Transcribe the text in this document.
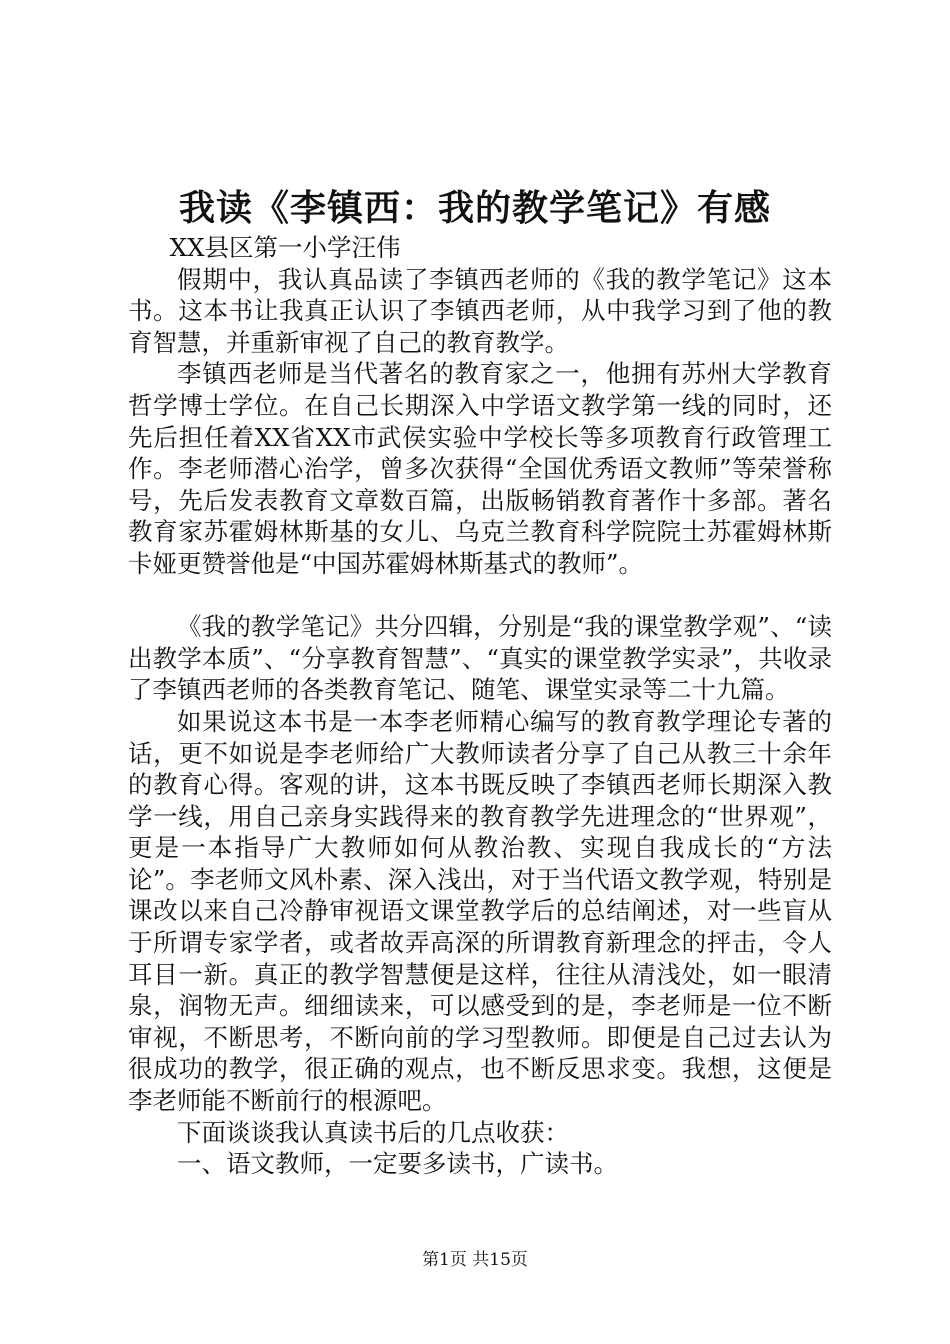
我读《李镇西：我的教学笔记》有感

XX县区第一小学汪伟

假期中，我认真品读了李镇西老师的《我的教学笔记》这本书。这本书让我真正认识了李镇西老师，从中我学习到了他的教育智慧，并重新审视了自己的教育教学。

李镇西老师是当代著名的教育家之一，他拥有苏州大学教育哲学博士学位。在自己长期深入中学语文教学第一线的同时，还先后担任着XX省XX市武侯实验中学校长等多项教育行政管理工作。李老师潜心治学，曾多次获得“全国优秀语文教师”等荣誉称号，先后发表教育文章数百篇，出版畅销教育著作十多部。著名教育家苏霍姆林斯基的女儿、乌克兰教育科学院院士苏霍姆林斯卡娅更赞誉他是“中国苏霍姆林斯基式的教师”。

《我的教学笔记》共分四辑，分别是“我的课堂教学观”、“读出教学本质”、“分享教育智慧”、“真实的课堂教学实录”，共收录了李镇西老师的各类教育笔记、随笔、课堂实录等二十九篇。

如果说这本书是一本李老师精心编写的教育教学理论专著的话，更不如说是李老师给广大教师读者分享了自己从教三十余年的教育心得。客观的讲，这本书既反映了李镇西老师长期深入教学一线，用自己亲身实践得来的教育教学先进理念的“世界观”，更是一本指导广大教师如何从教治教、实现自我成长的“方法论”。李老师文风朴素、深入浅出，对于当代语文教学观，特别是课改以来自己冷静审视语文课堂教学后的总结阐述，对一些盲从于所谓专家学者，或者故弄高深的所谓教育新理念的抨击，令人耳目一新。真正的教学智慧便是这样，往往从清浅处，如一眼清泉，润物无声。细细读来，可以感受到的是，李老师是一位不断审视，不断思考，不断向前的学习型教师。即便是自己过去认为很成功的教学，很正确的观点，也不断反思求变。我想，这便是李老师能不断前行的根源吧。

下面谈谈我认真读书后的几点收获：

一、语文教师，一定要多读书，广读书。

第1页 共15页
